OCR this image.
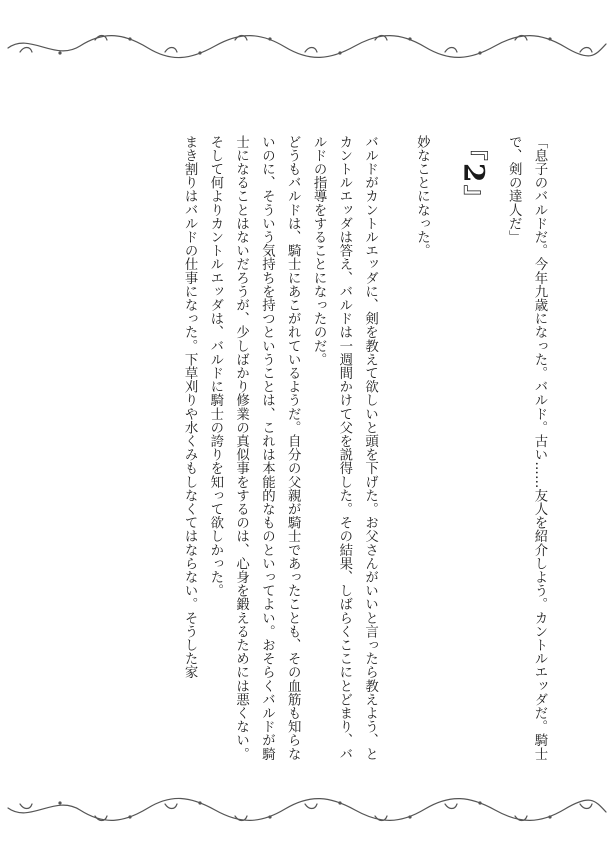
「息子のバルドだ。今年九歳になった。バルド。古い……友人を紹介しよう。カントルエッダだ。騎士で、剣の達人だ」

『2』

妙なことになった。

バルドがカントルエッダに、剣を教えて欲しいと頭を下げた。お父さんがいいと言ったら教えよう、とカントルエッダは答え、バルドは一週間かけて父を説得した。その結果、しばらくここにとどまり、バルドの指導をすることになったのだ。

どうもバルドは、騎士にあこがれているようだ。自分の父親が騎士であったことも、その血筋も知らないのに、そういう気持ちを持つということは、これは本能的なものといってよい。おそらくバルドが騎士になることはないだろうが、少しばかり修業の真似事をするのは、心身を鍛えるためには悪くない。そして何よりカントルエッダは、バルドに騎士の誇りを知って欲しかった。

まき割りはバルドの仕事になった。下草刈りや水くみもしなくてはならない。そうした家
